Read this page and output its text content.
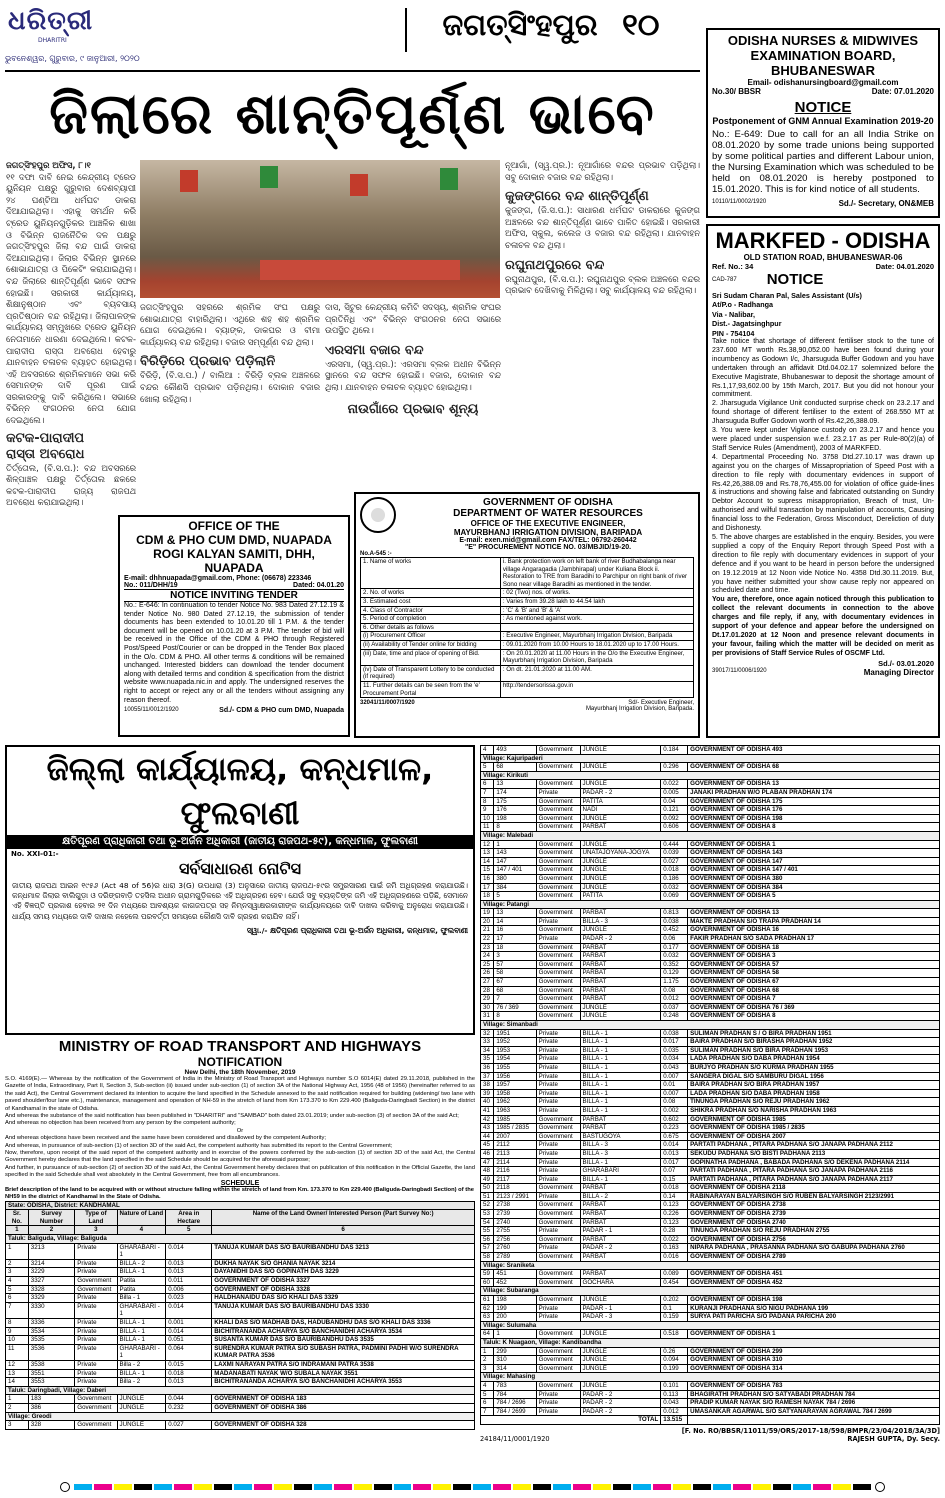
ଧରିତ୍ରୀ
DHARITRI
ଭୁବନେଶ୍ୱର, ଗୁରୁବାର, ୯ ଜାନୁଆରୀ, ୨୦୨୦
ଜଗତ୍‌ସିଂହପୁର ୧୦	ODISHA NURSES & MIDWIVES
EXAMINATION BOARD, BHUBANESWAR
Email- odishanursingboard@gmail.com
No.30/ BBSR	Date: 07.01.2020
NOTICE
Postponement of GNM Annual Examination 2019-20
No.: E-649: Due to call for an all India Strike on 08.01.2020 by some trade unions being supported by some political parties and different Labour union, the Nursing Examination which was scheduled to be held on 08.01.2020 is hereby postponed to 15.01.2020. This is for kind notice of all students.
10110/11/0002/1920	Sd./- Secretary, ON&MEB
MARKFED - ODISHA
OLD STATION ROAD, BHUBANESWAR-06
Ref. No.: 34	Date: 04.01.2020
CAD-787 NOTICE
Sri Sudam Charan Pal, Sales Assistant (U/s)
At/P.o - Radhanga
Via - Nalibar,
Dist.- Jagatsinghpur
PIN - 754104

Take notice that shortage of different fertiliser stock to the tune of 237.600 MT worth Rs.38,90,052.00 have been found during your incumbency as Godown I/c, Jharsuguda Buffer Godown and you have undertaken through an affidavit Dtd.04.02.17 solemnized before the Executive Magistrate, Bhubaneswar to deposit the shortage amount of Rs.1,17,93,602.00 by 15th March, 2017. But you did not honour your commitment.

2. Jharsuguda Vigilance Unit conducted surprise check on 23.2.17 and found shortage of different fertiliser to the extent of 268.550 MT at Jharsuguda Buffer Godown worth of Rs.42,26,388.09.

3. You were kept under Vigilance custody on 23.2.17 and hence you were placed under suspension w.e.f. 23.2.17 as per Rule-80(2)(a) of Staff Service Rules (Amendment), 2003 of MARKFED.

4. Departmental Proceeding No. 3758 Dtd.27.10.17 was drawn up against you on the charges of Missapropriation of Speed Post with a direction to file reply with documentary evidences in support of Rs.42,26,388.09 and Rs.78,76,455.00 for violation of office guide-lines & instructions and showing false and fabricated outstanding on Sundry Debtor Account to supress misappropriation, Breach of trust, Un-authorised and wilful transaction by manipulation of accounts, Causing financial loss to the Federation, Gross Misconduct, Dereliction of duty and Dishonesty.

5. The above charges are established in the enquiry. Besides, you were supplied a copy of the Enquiry Report through Speed Post with a direction to file reply with documentary evidences in support of your defence and if you want to be heard in person before the undersigned on 19.12.2019 at 12 Noon vide Notice No. 4358 Dtd.30.11.2019. But, you have neither submitted your show cause reply nor appeared on scheduled date and time.

You are, therefore, once again noticed through this publication to collect the relevant documents in connection to the above charges and file reply, if any, with documentary evidences in support of your defence and appear before the undersigned on Dt.17.01.2020 at 12 Noon and presence relevant documents in your favour, failing which the matter will be decided on merit as per provisions of Staff Service Rules of OSCMF Ltd.

Sd./- 03.01.2020
39017/11/0006/1920	Managing Director
ଜିଲାରେ ଶାନ୍ତିପୂର୍ଣ୍ଣ ଭାବେ
ଜଗତ୍‌ସିଂହପୁର ଅଫିସ, ୮।୧
୧୧ ଦଫା ଦାବି ନେଇ କେନ୍ଦ୍ରୀୟ ଟ୍ରେଡ ୟୁନିୟନ ପକ୍ଷରୁ ଗୁରୁବାର ଦେଶବ୍ୟାପୀ ୨୪ ଘଣ୍ଟିଆ ଧର୍ମଘଟ ଡାକରା ଦିଆଯାଇଥିଲା। ଏହାକୁ ସମର୍ଥନ କରି ଟ୍ରେଡ ୟୁନିୟନଗୁଡ଼ିକର ଆଞ୍ଚଳିକ ଶାଖା ଓ ବିଭିନ୍ନ ରାଜନୈତିକ ଦଳ ପକ୍ଷରୁ ଜଗତ୍‌ସିଂହପୁର ଜିଲା ବନ୍ଦ ପାଇଁ ଡାକରା ଦିଆଯାଇଥିଲା। ଜିଲାର ବିଭିନ୍ନ ସ୍ଥାନରେ ଶୋଭାଯାତ୍ରା ଓ ପିକେଟିଂ କରାଯାଇଥିଲା। ବନ୍ଦ ଜିଲାରେ ଶାନ୍ତିପୂର୍ଣ୍ଣ ଭାବେ ସଫଳ ହୋଇଛି। ସରକାରୀ କାର୍ଯ୍ୟାଳୟ, ଶିକ୍ଷାନୁଷ୍ଠାନ ଏବଂ ବ୍ୟବସାୟ ପ୍ରତିଷ୍ଠାନ ବନ୍ଦ ରହିଥିଲା। ଜିଲାପାଳଙ୍କ କାର୍ଯ୍ୟାଳୟ ସମ୍ମୁଖରେ ଟ୍ରେଡ ୟୁନିୟନ ନେତାମାନେ ଧାରଣା ଦେଇଥିଲେ। କଟକ-ପାରାଦୀପ ରାସ୍ତା ଅବରୋଧ ହେବାରୁ ଯାନବାହନ ଚଳାଚଳ ବ୍ୟାହତ ହୋଇଥିଲା। ଏହି ଅବସରରେ ଶ୍ରମିକମାନେ ସଭା କରି ସେମାନଙ୍କ ଦାବି ପୂରଣ ପାଇଁ ସରକାରଙ୍କୁ ଦାବି କରିଥିଲେ। ସଭାରେ ବିଭିନ୍ନ ସଂଗଠନର ନେତା ଯୋଗ ଦେଇଥିଲେ।
କଟକ-ପାରାଦୀପ
ରାସ୍ତା ଅବରୋଧ
ତିର୍ତ୍ତୋଲ, (ବି.ସ.ପ.): ବନ୍ଦ ଅବସରରେ ଶିଳ୍ପାଞ୍ଚଳ ପକ୍ଷରୁ ତିର୍ତ୍ତୋଲ ଛକରେ କଟକ-ପାରାଦୀପ ରାଜ୍ୟ ରାଜପଥ ଅବରୋଧ କରାଯାଇଥିଲା।
ଜଗତ୍‌ସିଂହପୁର ସହରରେ ଶ୍ରମିକ ସଂଘ ପକ୍ଷରୁ ଶୋଭାଯାତ୍ରା ବାହାରିଥିଲା। ଏଥିରେ ଶହ ଶହ ଶ୍ରମିକ ଯୋଗ ଦେଇଥିଲେ। ବ୍ୟାଙ୍କ, ଡାକଘର ଓ ବୀମା କାର୍ଯ୍ୟାଳୟ ବନ୍ଦ ରହିଥିଲା। ବଜାର ସମ୍ପୂର୍ଣ୍ଣ ବନ୍ଦ ଥିଲା।
ବିରିଡ଼ିରେ ପ୍ରଭାବ ପଡ଼ିଲାନି
ବିରିଡ଼ି, (ବି.ସ.ପ.) / ବାଲିଆ : ବିରିଡ଼ି ବ୍ଲକ ଅଞ୍ଚଳରେ ବନ୍ଦର କୌଣସି ପ୍ରଭାବ ପଡ଼ିନଥିଲା। ଦୋକାନ ବଜାର ଖୋଲା ରହିଥିଲା।
ଦାସ, ସିଟୁର କେନ୍ଦ୍ରୀୟ କମିଟି ସଦସ୍ୟ, ଶ୍ରମିକ ସଂଘର ପ୍ରତିନିଧି ଏବଂ ବିଭିନ୍ନ ସଂଗଠନର ନେତା ସଭାରେ ଉପସ୍ଥିତ ଥିଲେ।
ଏରସମା ବଜାର ବନ୍ଦ
ଏରସମା, (ସ୍ୱ.ପ୍ର.): ଏରସମା ବ୍ଲକ ଅଧୀନ ବିଭିନ୍ନ ସ୍ଥାନରେ ବନ୍ଦ ସଫଳ ହୋଇଛି। ବଜାର, ଦୋକାନ ବନ୍ଦ ଥିଲା। ଯାନବାହନ ଚଳାଚଳ ବ୍ୟାହତ ହୋଇଥିଲା।
ନାଉଗାଁରେ ପ୍ରଭାବ ଶୂନ୍ୟ
ନୂଆଗାଁ, (ସ୍ୱ.ପ୍ର.): ନୂଆଗାଁରେ ବନ୍ଦର ପ୍ରଭାବ ପଡ଼ିଥିଲା। ସବୁ ଦୋକାନ ବଜାର ବନ୍ଦ ରହିଥିଲା।
କୁଜଙ୍ଗରେ ବନ୍ଦ ଶାନ୍ତିପୂର୍ଣ୍ଣ
କୁଜଙ୍ଗ, (ଜି.ସ.ପ.): ସାଧାରଣ ଧର୍ମଘଟ ଡାକରାରେ କୁଜଙ୍ଗ ଅଞ୍ଚଳରେ ବନ୍ଦ ଶାନ୍ତିପୂର୍ଣ୍ଣ ଭାବେ ପାଳିତ ହୋଇଛି। ସରକାରୀ ଅଫିସ, ସ୍କୁଲ, କଲେଜ ଓ ବଜାର ବନ୍ଦ ରହିଥିଲା। ଯାନବାହନ ଚଳାଚଳ ବନ୍ଦ ଥିଲା।
ରଘୁନାଥପୁରରେ ବନ୍ଦ
ରଘୁନାଥପୁର, (ବି.ସ.ପ.): ରଘୁନାଥପୁର ବ୍ଲକ ଅଞ୍ଚଳରେ ବନ୍ଦର ପ୍ରଭାବ ଦେଖିବାକୁ ମିଳିଥିଲା। ସବୁ କାର୍ଯ୍ୟାଳୟ ବନ୍ଦ ରହିଥିଲା।
OFFICE OF THE
CDM & PHO CUM DMD, NUAPADA
ROGI KALYAN SAMITI, DHH, NUAPADA
E-mail: dhhnuapada@gmail.com, Phone: (06678) 223346
No.: 011/DHH/19	Dated: 04.01.20
NOTICE INVITING TENDER
No.: E-646: In continuation to tender Notice No. 983 Dated 27.12.19 & tender Notice No. 980 Dated 27.12.19, the submission of tender documents has been extended to 10.01.20 till 1 P.M. & the tender document will be opened on 10.01.20 at 3 P.M. The tender of bid will be received in the Office of the CDM & PHO through Registered Post/Speed Post/Courier or can be dropped in the Tender Box placed in the O/o. CDM & PHO. All other terms & conditions will be remained unchanged. Interested bidders can download the tender document along with detailed terms and condition & specification from the district website www.nuapada.nic.in and apply. The undersigned reserves the right to accept or reject any or all the tenders without assigning any reason thereof.
10055/11/0012/1920	Sd./- CDM & PHO cum DMD, Nuapada
GOVERNMENT OF ODISHA
DEPARTMENT OF WATER RESOURCES
OFFICE OF THE EXECUTIVE ENGINEER,
MAYURBHANJ IRRIGATION DIVISION, BARIPADA
E-mail: exen.mid@gmail.com FAX/TEL: 06792-260442
"E" PROCUREMENT NOTICE NO. 03/MBJID/19-20.
No.A-545 :-
1. Name of works	i. Bank protection work on left bank of river Budhabalanga near village Angaragadia (Jambhirapal) under Kuliana Block ii. Restoration to TRE from Baradihi to Parchipur on right bank of river Sono near village Baradihi as mentioned in the tender.
2. No. of works	: 02 (Two) nos. of works.
3. Estimated cost	: Varies from 39.28 lakh to 44.54 lakh
4. Class of Contractor	: 'C' & 'B' and 'B' & 'A'
5. Period of completion	: As mentioned against work.
6. Other details as follows	
(i) Procurement Officer	: Executive Engineer, Mayurbhanj Irrigation Division, Baripada
(ii) Availability of Tender online for bidding	: 09.01.2020 from 10.00 Hours to 18.01.2020 up to 17.00 Hours.
(iii) Date, time and place of opening of Bid.	: On 20.01.2020 at 11.00 Hours in the O/o the Executive Engineer, Mayurbhanj Irrigation Division, Baripada
(iv) Date of Transparent Lottery to be conducted (if required)	: On dt. 21.01.2020 at 11.00 AM.
11. Further details can be seen from the 'e' Procurement Portal	http://tendersorissa.gov.in
32041/11/0007/1920	Sd/- Executive Engineer,
Mayurbhanj Irrigation Division, Baripada.
ଜିଲ୍ଲା କାର୍ଯ୍ୟାଳୟ, କନ୍ଧମାଳ, ଫୁଲବାଣୀ
କ୍ଷତିପୂରଣ ପ୍ରାଧିକାରୀ ତଥା ଭୂ-ଅର୍ଜନ ଅଧିକାରୀ (ଜାତୀୟ ରାଜପଥ-୫୯), କନ୍ଧମାଳ, ଫୁଲବାଣୀ
No. XXI-01:-
ସର୍ବସାଧାରଣ ନୋଟିସ
ଜାତୀୟ ରାଜପଥ ଆଇନ ୧୯୫୬ (Act 48 of 56)ର ଧାରା 3(G) ଉପଧାରା (3) ଅନୁସାରେ ଜାତୀୟ ରାଜପଥ-୫୯ର ସମ୍ପ୍ରସାରଣ ପାଇଁ ଜମି ଅଧିଗ୍ରହଣ କରାଯାଉଛି। କନ୍ଧମାଳ ଜିଲାର ବାଲିଗୁଡ଼ା ଓ ଦରିଙ୍ଗବାଡ଼ି ତହସିଲ ଅଧୀନ ଗ୍ରାମଗୁଡ଼ିକରେ ଏହି ଅଧିଗ୍ରହଣ ହେବ। ଯେଉଁ ସବୁ ବ୍ୟକ୍ତିଙ୍କ ଜମି ଏହି ଅଧିଗ୍ରହଣରେ ପଡ଼ିଛି, ସେମାନେ ଏହି ବିଜ୍ଞପ୍ତି ପ୍ରକାଶ ହେବାର ୨୧ ଦିନ ମଧ୍ୟରେ ଆବଶ୍ୟକ କାଗଜପତ୍ର ସହ ନିମ୍ନସ୍ୱାକ୍ଷରକାରୀଙ୍କ କାର୍ଯ୍ୟାଳୟରେ ଦାବି ଦାଖଲ କରିବାକୁ ଅନୁରୋଧ କରାଯାଉଛି। ଧାର୍ଯ୍ୟ ସମୟ ମଧ୍ୟରେ ଦାବି ଦାଖଲ ନହେଲେ ପରବର୍ତ୍ତୀ ସମୟରେ କୌଣସି ଦାବି ଗ୍ରହଣ କରାଯିବ ନାହିଁ।
ସ୍ୱା./- କ୍ଷତିପୂରଣ ପ୍ରାଧିକାରୀ ତଥା ଭୂ-ଅର୍ଜନ ଅଧିକାରୀ, କନ୍ଧମାଳ, ଫୁଲବାଣୀ
MINISTRY OF ROAD TRANSPORT AND HIGHWAYS
NOTIFICATION
New Delhi, the 18th November, 2019

S.O. 4169(E).— Whereas by the notification of the Government of India in the Ministry of Road Transport and Highways number S.O 6014(E) dated 29.11.2018, published in the Gazette of India, Extraordinary, Part II, Section 3, Sub-section (ii) issued under sub-section (1) of section 3A of the National Highway Act, 1956 (48 of 1956) (hereinafter referred to as the said Act), the Central Government declared its intention to acquire the land specified in the Schedule annexed to the said notification required for building (widening/ two lane with paved shoulder/four lane etc.), maintenance, management and operation of NH-59 in the stretch of land from Km 173.370 to Km 229.400 (Baliguda-Daringbadi Section) in the district of Kandhamal in the state of Odisha.

And whereas the substance of the said notification has been published in "DHARITRI" and "SAMBAD" both dated 23.01.2019; under sub-section (3) of section 3A of the said Act;

And whereas no objection has been received from any person by the competent authority;

Or

And whereas objections have been received and the same have been considered and disallowed by the competent Authority;

And whereas, in pursuance of sub-section (1) of section 3D of the said Act, the competent authority has submitted its report to the Central Government;

Now, therefore, upon receipt of the said report of the competent authority and in exercise of the powers conferred by the sub-section (1) of section 3D of the said Act, the Central Government hereby declares that the land specified in the said Schedule should be acquired for the aforesaid purpose;

And further, in pursuance of sub-section (2) of section 3D of the said Act, the Central Government hereby declares that on publication of this notification in the Official Gazette, the land specified in the said Schedule shall vest absolutely in the Central Government, free from all encumbrances.

SCHEDULE
Brief description of the land to be acquired with or without structure falling within the stretch of land from Km. 173.370 to Km 229.400 (Baliguda-Daringbadi Section) of the NH59 in the district of Kandhamal in the State of Odisha.
State: ODISHA, District: KANDHAMAL					
Sr. No.	Survey Number	Type of Land	Nature of Land	Area in Hectare	Name of the Land Owner/ Interested Person (Part Survey No:)
1	2	3	4	5	6
Taluk: Baliguda, Village: Baliguda					
1	3213	Private	GHARABARI - 1	0.014	TANUJA KUMAR DAS S/O BAURIBANDHU DAS 3213
2	3214	Private	BILLA - 2	0.013	DUKHA NAYAK S/O GHANIA NAYAK 3214
3	3229	Private	BILLA - 1	0.013	DAYANIDHI DAS S/O GOPINATH DAS 3229
4	3327	Government	Patita	0.011	GOVERNMENT OF ODISHA 3327
5	3328	Government	Patita	0.006	GOVERNMENT OF ODISHA 3328
6	3329	Private	Billa - 1	0.023	HALDHANAIDU DAS S/O KHALI DAS 3329
7	3330	Private	GHARABARI - 1	0.014	TANUJA KUMAR DAS S/O BAURIBANDHU DAS 3330
8	3336	Private	BILLA - 1	0.001	KHALI DAS S/O MADHAB DAS, HADUBANDHU DAS S/O KHALI DAS 3336
9	3534	Private	BILLA - 1	0.014	BICHITRANANDA ACHARYA S/O BANCHANIDHI ACHARYA 3534
10	3535	Private	BILLA - 1	0.051	SUSANTA KUMAR DAS S/O BAURIBANDHU DAS 3535
11	3536	Private	GHARABARI - 1	0.064	SURENDRA KUMAR PATRA S/O SUBASH PATRA, PADMINI PADHI W/O SURENDRA KUMAR PATRA 3536
12	3538	Private	Billa - 2	0.015	LAXMI NARAYAN PATRA S/O INDRAMANI PATRA 3538
13	3551	Private	BILLA - 1	0.018	MADANABATI NAYAK W/O SUBALA NAYAK 3551
14	3553	Private	Billa - 2	0.013	BICHITRANANDA ACHARYA S/O BANCHANIDHI ACHARYA 3553
Taluk: Daringbadi, Village: Daberi					
1	183	Government	JUNGLE	0.044	GOVERNMENT OF ODISHA 183
2	386	Government	JUNGLE	0.232	GOVERNMENT OF ODISHA 386
Village: Greodi					
3	328	Government	JUNGLE	0.027	GOVERNMENT OF ODISHA 328
4	493	Government	JUNGLE	0.184	GOVERNMENT OF ODISHA 493
Village: Kajuripaderi					
5	68	Government	JUNGLE	0.296	GOVERNMENT OF ODISHA 68
Village: Kirikuti					
6	13	Government	JUNGLE	0.022	GOVERNMENT OF ODISHA 13
7	174	Private	PADAR - 2	0.005	JANAKI PRADHAN W/O PLABAN PRADHAN 174
8	175	Government	PATITA	0.04	GOVERNMENT OF ODISHA 175
9	176	Government	NADI	0.121	GOVERNMENT OF ODISHA 176
10	198	Government	JUNGLE	0.092	GOVERNMENT OF ODISHA 198
11	8	Government	PARBAT	0.606	GOVERNMENT OF ODISHA 8
Village: Malebadi					
12	1	Government	JUNGLE	0.444	GOVERNMENT OF ODISHA 1
13	143	Government	UNATAJOYANA-JOGYA	0.039	GOVERNMENT OF ODISHA 143
14	147	Government	JUNGLE	0.027	GOVERNMENT OF ODISHA 147
15	147 / 401	Government	JUNGLE	0.018	GOVERNMENT OF ODISHA 147 / 401
16	380	Government	JUNGLE	0.186	GOVERNMENT OF ODISHA 380
17	384	Government	JUNGLE	0.032	GOVERNMENT OF ODISHA 384
18	5	Government	PATITA	0.069	GOVERNMENT OF ODISHA 5
Village: Patangi					
19	13	Government	PARBAT	0.813	GOVERNMENT OF ODISHA 13
20	14	Private	BILLA - 3	0.038	MAKTE PRADHAN S/O TRAPA PRADHAN 14
21	16	Government	JUNGLE	0.452	GOVERNMENT OF ODISHA 16
22	17	Private	PADAR - 2	0.06	FAKIR PRADHAN S/O SADA PRADHAN 17
23	18	Government	PARBAT	0.177	GOVERNMENT OF ODISHA 18
24	3	Government	PARBAT	0.032	GOVERNMENT OF ODISHA 3
25	57	Government	PARBAT	0.352	GOVERNMENT OF ODISHA 57
26	58	Government	PARBAT	0.129	GOVERNMENT OF ODISHA 58
27	67	Government	PARBAT	1.175	GOVERNMENT OF ODISHA 67
28	68	Government	PARBAT	0.08	GOVERNMENT OF ODISHA 68
29	7	Government	PARBAT	0.012	GOVERNMENT OF ODISHA 7
30	76 / 369	Government	JUNGLE	0.037	GOVERNMENT OF ODISHA 76 / 369
31	8	Government	JUNGLE	0.248	GOVERNMENT OF ODISHA 8
Village: Simanbadi					
32	1951	Private	BILLA - 1	0.038	SULIMAN PRADHAN S / O BIRA PRADHAN 1951
33	1952	Private	BILLA - 1	0.017	BAIRA PRADHAN S/O BIRASHA PRADHAN 1952
34	1953	Private	BILLA - 1	0.035	SULIMAN PRADHAN S/O BIRA PRADHAN 1953
35	1954	Private	BILLA - 1	0.034	LADA PRADHAN S/O DABA PRADHAN 1954
36	1955	Private	BILLA - 1	0.043	BURJYO PRADHAN S/O KURMA PRADHAN 1955
37	1956	Private	BILLA - 1	0.007	SANGERA DIGAL S/O SAMBURU DIGAL 1956
38	1957	Private	BILLA - 1	0.01	BAIRA PRADHAN S/O BIRA PRADHAN 1957
39	1958	Private	BILLA - 1	0.007	LADA PRADHAN S/O DABA PRADHAN 1958
40	1962	Private	BILLA - 1	0.08	TINUNGA PRADHAN S/O REJU PRADHAN 1962
41	1963	Private	BILLA - 1	0.002	SHIKRA PRADHAN S/O NARISHA PRADHAN 1963
42	1985	Government	PARBAT	0.602	GOVERNMENT OF ODISHA 1985
43	1985 / 2835	Government	PARBAT	0.223	GOVERNMENT OF ODISHA 1985 / 2835
44	2007	Government	BASTUGOYA	0.675	GOVERNMENT OF ODISHA 2007
45	2112	Private	BILLA - 3	0.014	PARTATI PADHANA , PITARA PADHANA S/O JANAPA PADHANA 2112
46	2113	Private	BILLA - 3	0.013	SEKUDU PADHANA S/O BISTI PADHANA 2113
47	2114	Private	BILLA - 1	0.017	GOPINATHA PADHANA , BABADA PADHANA S/O DEKENA PADHANA 2114
48	2116	Private	GHARABARI	0.07	PARTATI PADHANA , PITARA PADHANA S/O JANAPA PADHANA 2116
49	2117	Private	BILLA - 1	0.15	PARTATI PADHANA , PITARA PADHANA S/O JANAPA PADHANA 2117
50	2118	Government	PARBAT	0.018	GOVERNMENT OF ODISHA 2118
51	2123 / 2991	Private	BILLA - 2	0.14	RABINARAYAN BALYARSINGH S/O RUBEN BALYARSINGH 2123/2991
52	2738	Government	PARBAT	0.123	GOVERNMENT OF ODISHA 2738
53	2739	Government	PARBAT	0.226	GOVERNMENT OF ODISHA 2739
54	2740	Government	PARBAT	0.123	GOVERNMENT OF ODISHA 2740
55	2755	Private	PADAR - 1	0.28	TINUNGA PRADHAN S/O REJU PRADHAN 2755
56	2756	Government	PARBAT	0.022	GOVERNMENT OF ODISHA 2756
57	2760	Private	PADAR - 2	0.163	NIPARA PADHANA , PRASANNA PADHANA S/O GABUPA PADHANA 2760
58	2789	Government	PARBAT	0.016	GOVERNMENT OF ODISHA 2789
Village: Sraniketa					
59	451	Government	PARBAT	0.089	GOVERNMENT OF ODISHA 451
60	452	Government	GOCHARA	0.454	GOVERNMENT OF ODISHA 452
Village: Subaranga					
61	198	Government	JUNGLE	0.202	GOVERNMENT OF ODISHA 198
62	199	Private	PADAR - 1	0.1	KURANJI PRADHANA S/O NIGU PADHANA 199
63	200	Private	PADAR - 3	0.159	SURYA PATI PARICHA S/O PADANA PARICHA 200
Village: Sulumaha					
64	1	Government	JUNGLE	0.518	GOVERNMENT OF ODISHA 1
Taluk: K Nuagaon, Village: Kandibandha					
1	299	Government	JUNGLE	0.26	GOVERNMENT OF ODISHA 299
2	310	Government	JUNGLE	0.094	GOVERNMENT OF ODISHA 310
3	314	Government	JUNGLE	0.199	GOVERNMENT OF ODISHA 314
Village: Mahasing					
4	783	Government	JUNGLE	0.101	GOVERNMENT OF ODISHA 783
5	784	Private	PADAR - 2	0.113	BHAGIRATHI PRADHAN S/O SATYABADI PRADHAN 784
6	784 / 2696	Private	PADAR - 2	0.043	PRADIP KUMAR NAYAK S/O RAMESH NAYAK 784 / 2696
7	784 / 2699	Private	PADAR - 2	0.012	UMASANKAR AGARWAL S/O SATYANARAYAN AGRAWAL 784 / 2699
TOTAL				13.515	
[F. No. RO/BBSR/11011/59/ORS/2017-18/598/BMPR/23/04/2018/3A/3D]
24184/11/0001/1920	RAJESH GUPTA, Dy. Secy.
